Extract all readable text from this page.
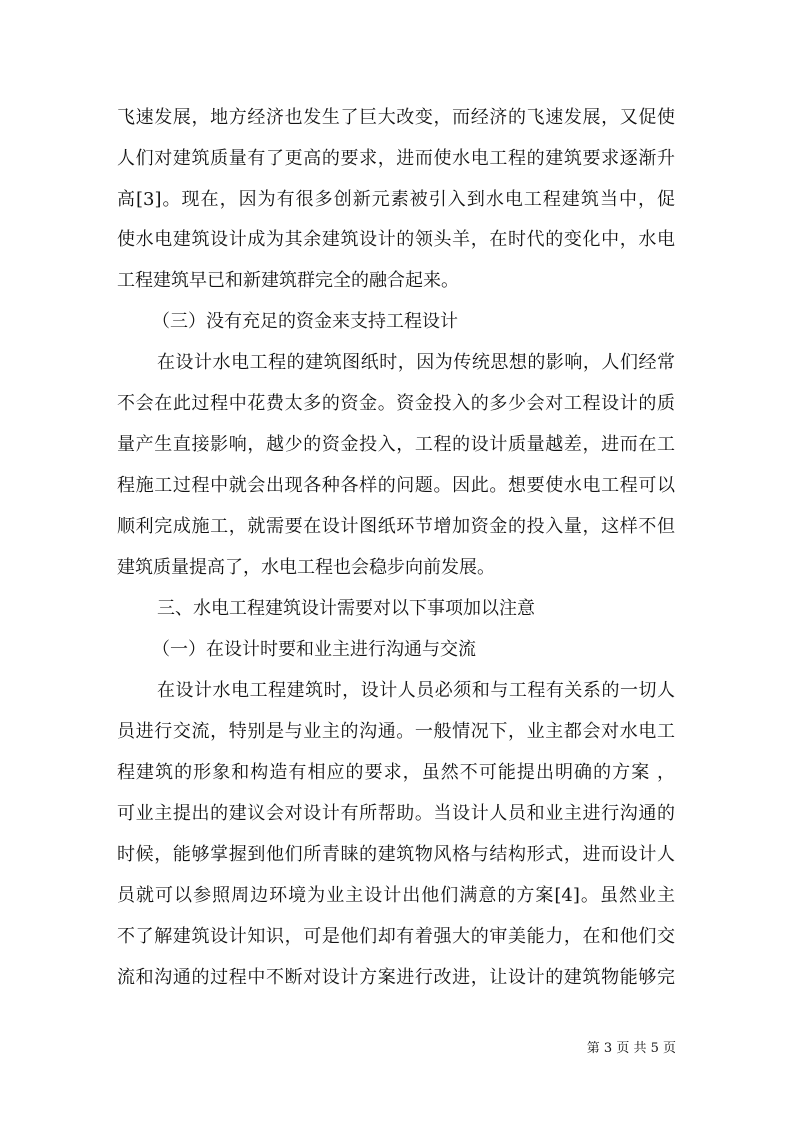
飞速发展，地方经济也发生了巨大改变，而经济的飞速发展，又促使
人们对建筑质量有了更高的要求，进而使水电工程的建筑要求逐渐升
高[3]。现在，因为有很多创新元素被引入到水电工程建筑当中，促
使水电建筑设计成为其余建筑设计的领头羊，在时代的变化中，水电
工程建筑早已和新建筑群完全的融合起来。
（三）没有充足的资金来支持工程设计
在设计水电工程的建筑图纸时，因为传统思想的影响，人们经常
不会在此过程中花费太多的资金。资金投入的多少会对工程设计的质
量产生直接影响，越少的资金投入，工程的设计质量越差，进而在工
程施工过程中就会出现各种各样的问题。因此。想要使水电工程可以
顺利完成施工，就需要在设计图纸环节增加资金的投入量，这样不但
建筑质量提高了，水电工程也会稳步向前发展。
三、水电工程建筑设计需要对以下事项加以注意
（一）在设计时要和业主进行沟通与交流
在设计水电工程建筑时，设计人员必须和与工程有关系的一切人
员进行交流，特别是与业主的沟通。一般情况下，业主都会对水电工
程建筑的形象和构造有相应的要求，虽然不可能提出明确的方案 ，
可业主提出的建议会对设计有所帮助。当设计人员和业主进行沟通的
时候，能够掌握到他们所青睐的建筑物风格与结构形式，进而设计人
员就可以参照周边环境为业主设计出他们满意的方案[4]。虽然业主
不了解建筑设计知识，可是他们却有着强大的审美能力，在和他们交
流和沟通的过程中不断对设计方案进行改进，让设计的建筑物能够完
第 3 页 共 5 页
